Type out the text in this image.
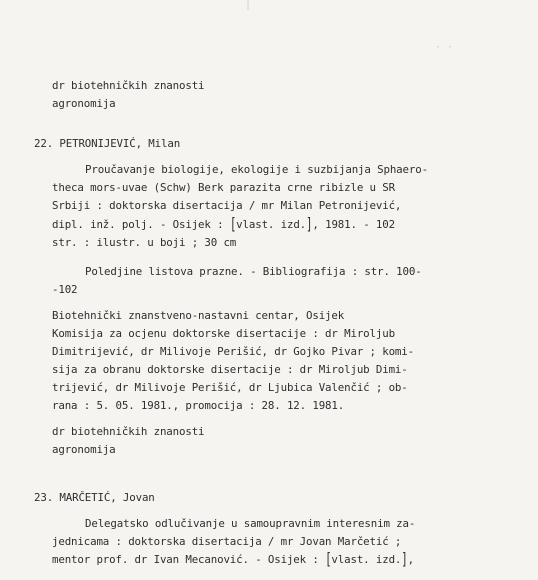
|
· ·
dr biotehničkih znanosti
agronomija
22. PETRONIJEVIĆ, Milan
Proučavanje biologije, ekologije i suzbijanja Sphaero-
theca mors-uvae (Schw) Berk parazita crne ribizle u SR
Srbiji : doktorska disertacija / mr Milan Petronijević,
dipl. inž. polj. - Osijek : [vlast. izd.], 1981. - 102
str. : ilustr. u boji ; 30 cm
Poledjine listova prazne. - Bibliografija : str. 100-
-102
Biotehnički znanstveno-nastavni centar, Osijek
Komisija za ocjenu doktorske disertacije : dr Miroljub
Dimitrijević, dr Milivoje Perišić, dr Gojko Pivar ; komi-
sija za obranu doktorske disertacije : dr Miroljub Dimi-
trijević, dr Milivoje Perišić, dr Ljubica Valenčić ; ob-
rana : 5. 05. 1981., promocija : 28. 12. 1981.
dr biotehničkih znanosti
agronomija
23. MARČETIĆ, Jovan
Delegatsko odlučivanje u samoupravnim interesnim za-
jednicama : doktorska disertacija / mr Jovan Marčetić ;
mentor prof. dr Ivan Mecanović. - Osijek : [vlast. izd.],
